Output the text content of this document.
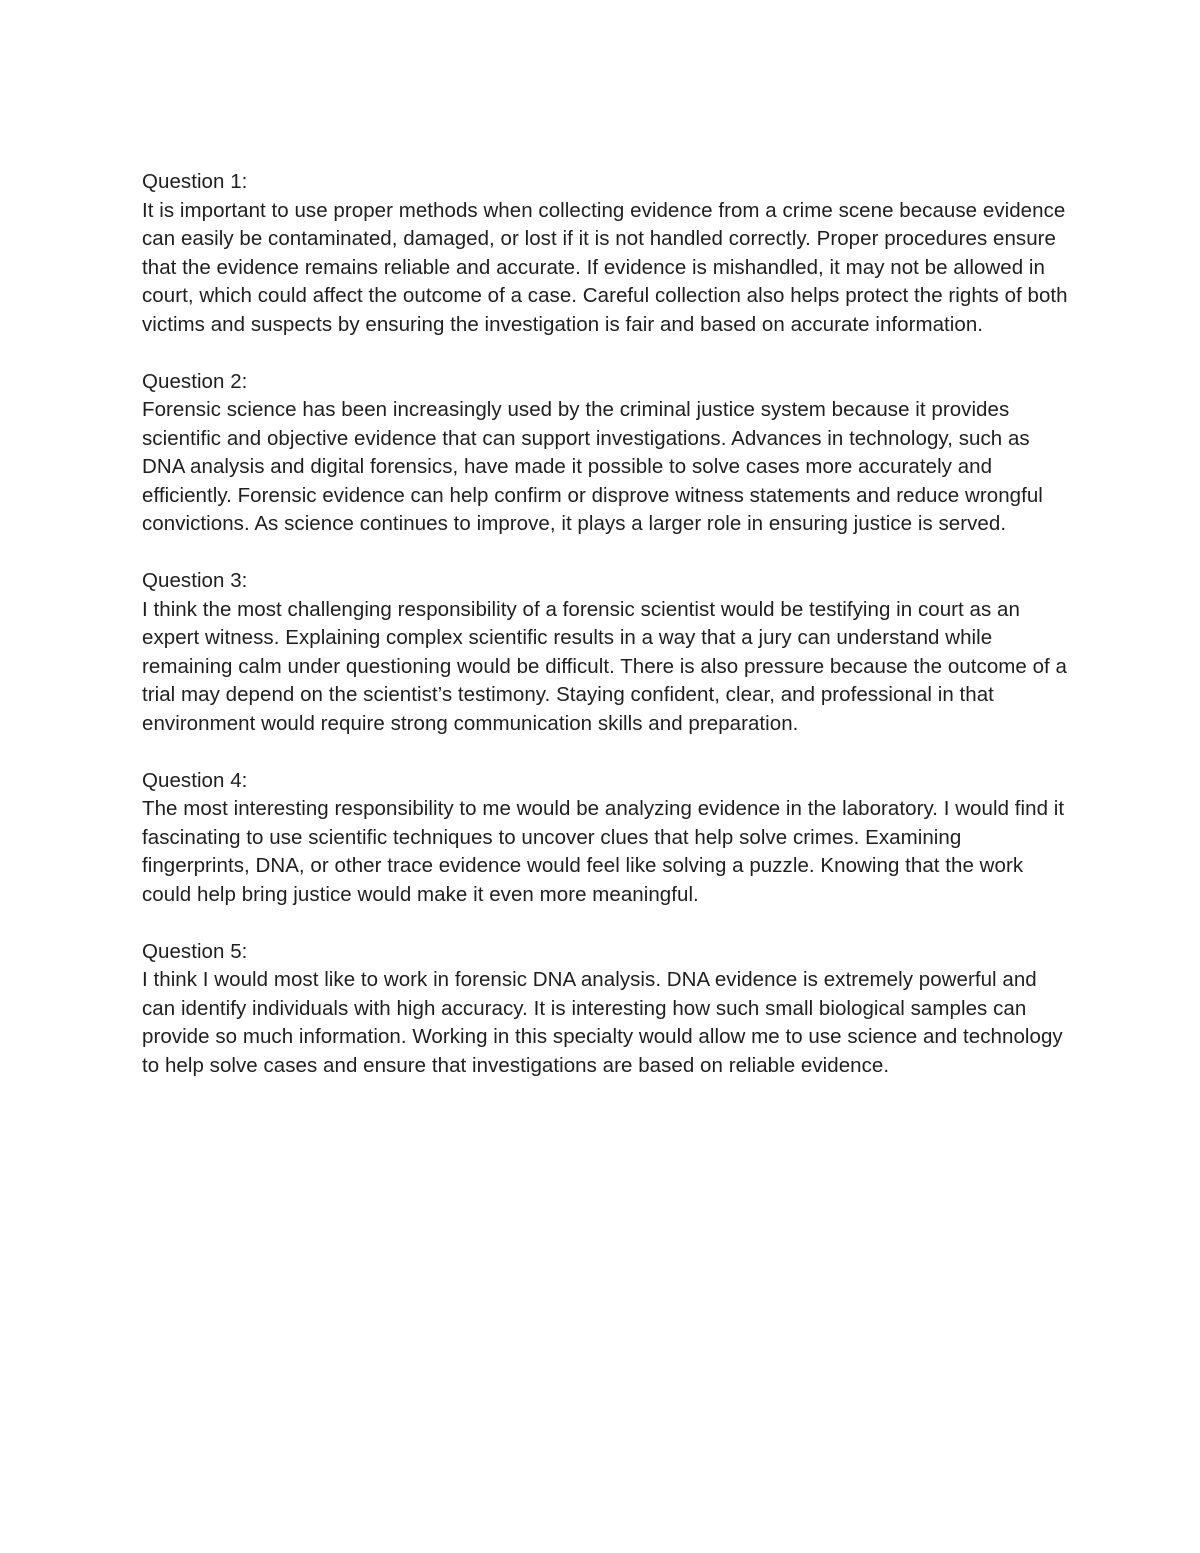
Question 1:

It is important to use proper methods when collecting evidence from a crime scene because evidence can easily be contaminated, damaged, or lost if it is not handled correctly. Proper procedures ensure that the evidence remains reliable and accurate. If evidence is mishandled, it may not be allowed in court, which could affect the outcome of a case. Careful collection also helps protect the rights of both victims and suspects by ensuring the investigation is fair and based on accurate information.

Question 2:

Forensic science has been increasingly used by the criminal justice system because it provides scientific and objective evidence that can support investigations. Advances in technology, such as DNA analysis and digital forensics, have made it possible to solve cases more accurately and efficiently. Forensic evidence can help confirm or disprove witness statements and reduce wrongful convictions. As science continues to improve, it plays a larger role in ensuring justice is served.

Question 3:

I think the most challenging responsibility of a forensic scientist would be testifying in court as an expert witness. Explaining complex scientific results in a way that a jury can understand while remaining calm under questioning would be difficult. There is also pressure because the outcome of a trial may depend on the scientist’s testimony. Staying confident, clear, and professional in that environment would require strong communication skills and preparation.

Question 4:

The most interesting responsibility to me would be analyzing evidence in the laboratory. I would find it fascinating to use scientific techniques to uncover clues that help solve crimes. Examining fingerprints, DNA, or other trace evidence would feel like solving a puzzle. Knowing that the work could help bring justice would make it even more meaningful.

Question 5:

I think I would most like to work in forensic DNA analysis. DNA evidence is extremely powerful and can identify individuals with high accuracy. It is interesting how such small biological samples can provide so much information. Working in this specialty would allow me to use science and technology to help solve cases and ensure that investigations are based on reliable evidence.
